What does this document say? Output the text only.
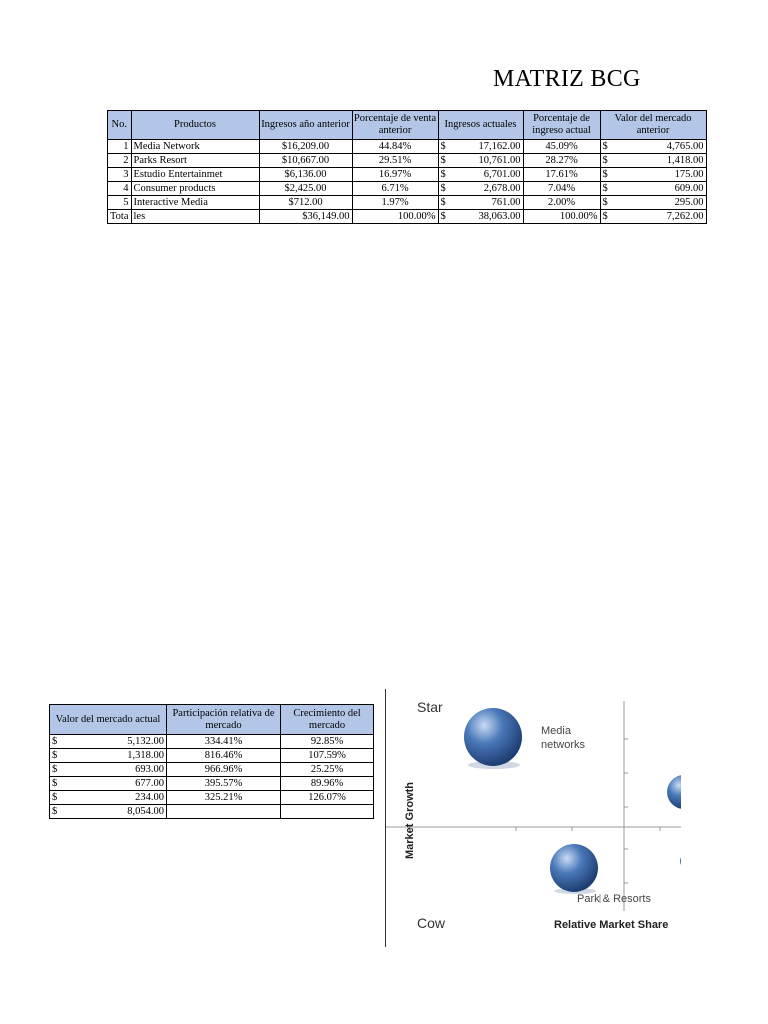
MATRIZ BCG
No.	Productos	Ingresos año anterior	Porcentaje de venta anterior	Ingresos actuales	Porcentaje de ingreso actual	Valor del mercado anterior
1	Media Network	$16,209.00	44.84%	$ 17,162.00	45.09%	$ 4,765.00

2	Parks Resort	$10,667.00	29.51%	$ 10,761.00	28.27%	$ 1,418.00

3	Estudio Entertainmet	$6,136.00	16.97%	$ 6,701.00	17.61%	$ 175.00

4	Consumer products	$2,425.00	6.71%	$ 2,678.00	7.04%	$ 609.00

5	Interactive Media	$712.00	1.97%	$ 761.00	2.00%	$ 295.00

Tota	les	$36,149.00	100.00%	$ 38,063.00	100.00%	$ 7,262.00
Valor del mercado actual	Participación relativa de mercado	Crecimiento del mercado

$ 5,132.00	334.41%	92.85%

$ 1,318.00	816.46%	107.59%

$ 693.00	966.96%	25.25%

$ 677.00	395.57%	89.96%

$ 234.00	325.21%	126.07%

$ 8,054.00		

Star
Cow
Media
networks
Park & Resorts
Relative Market Share
Market Growth
